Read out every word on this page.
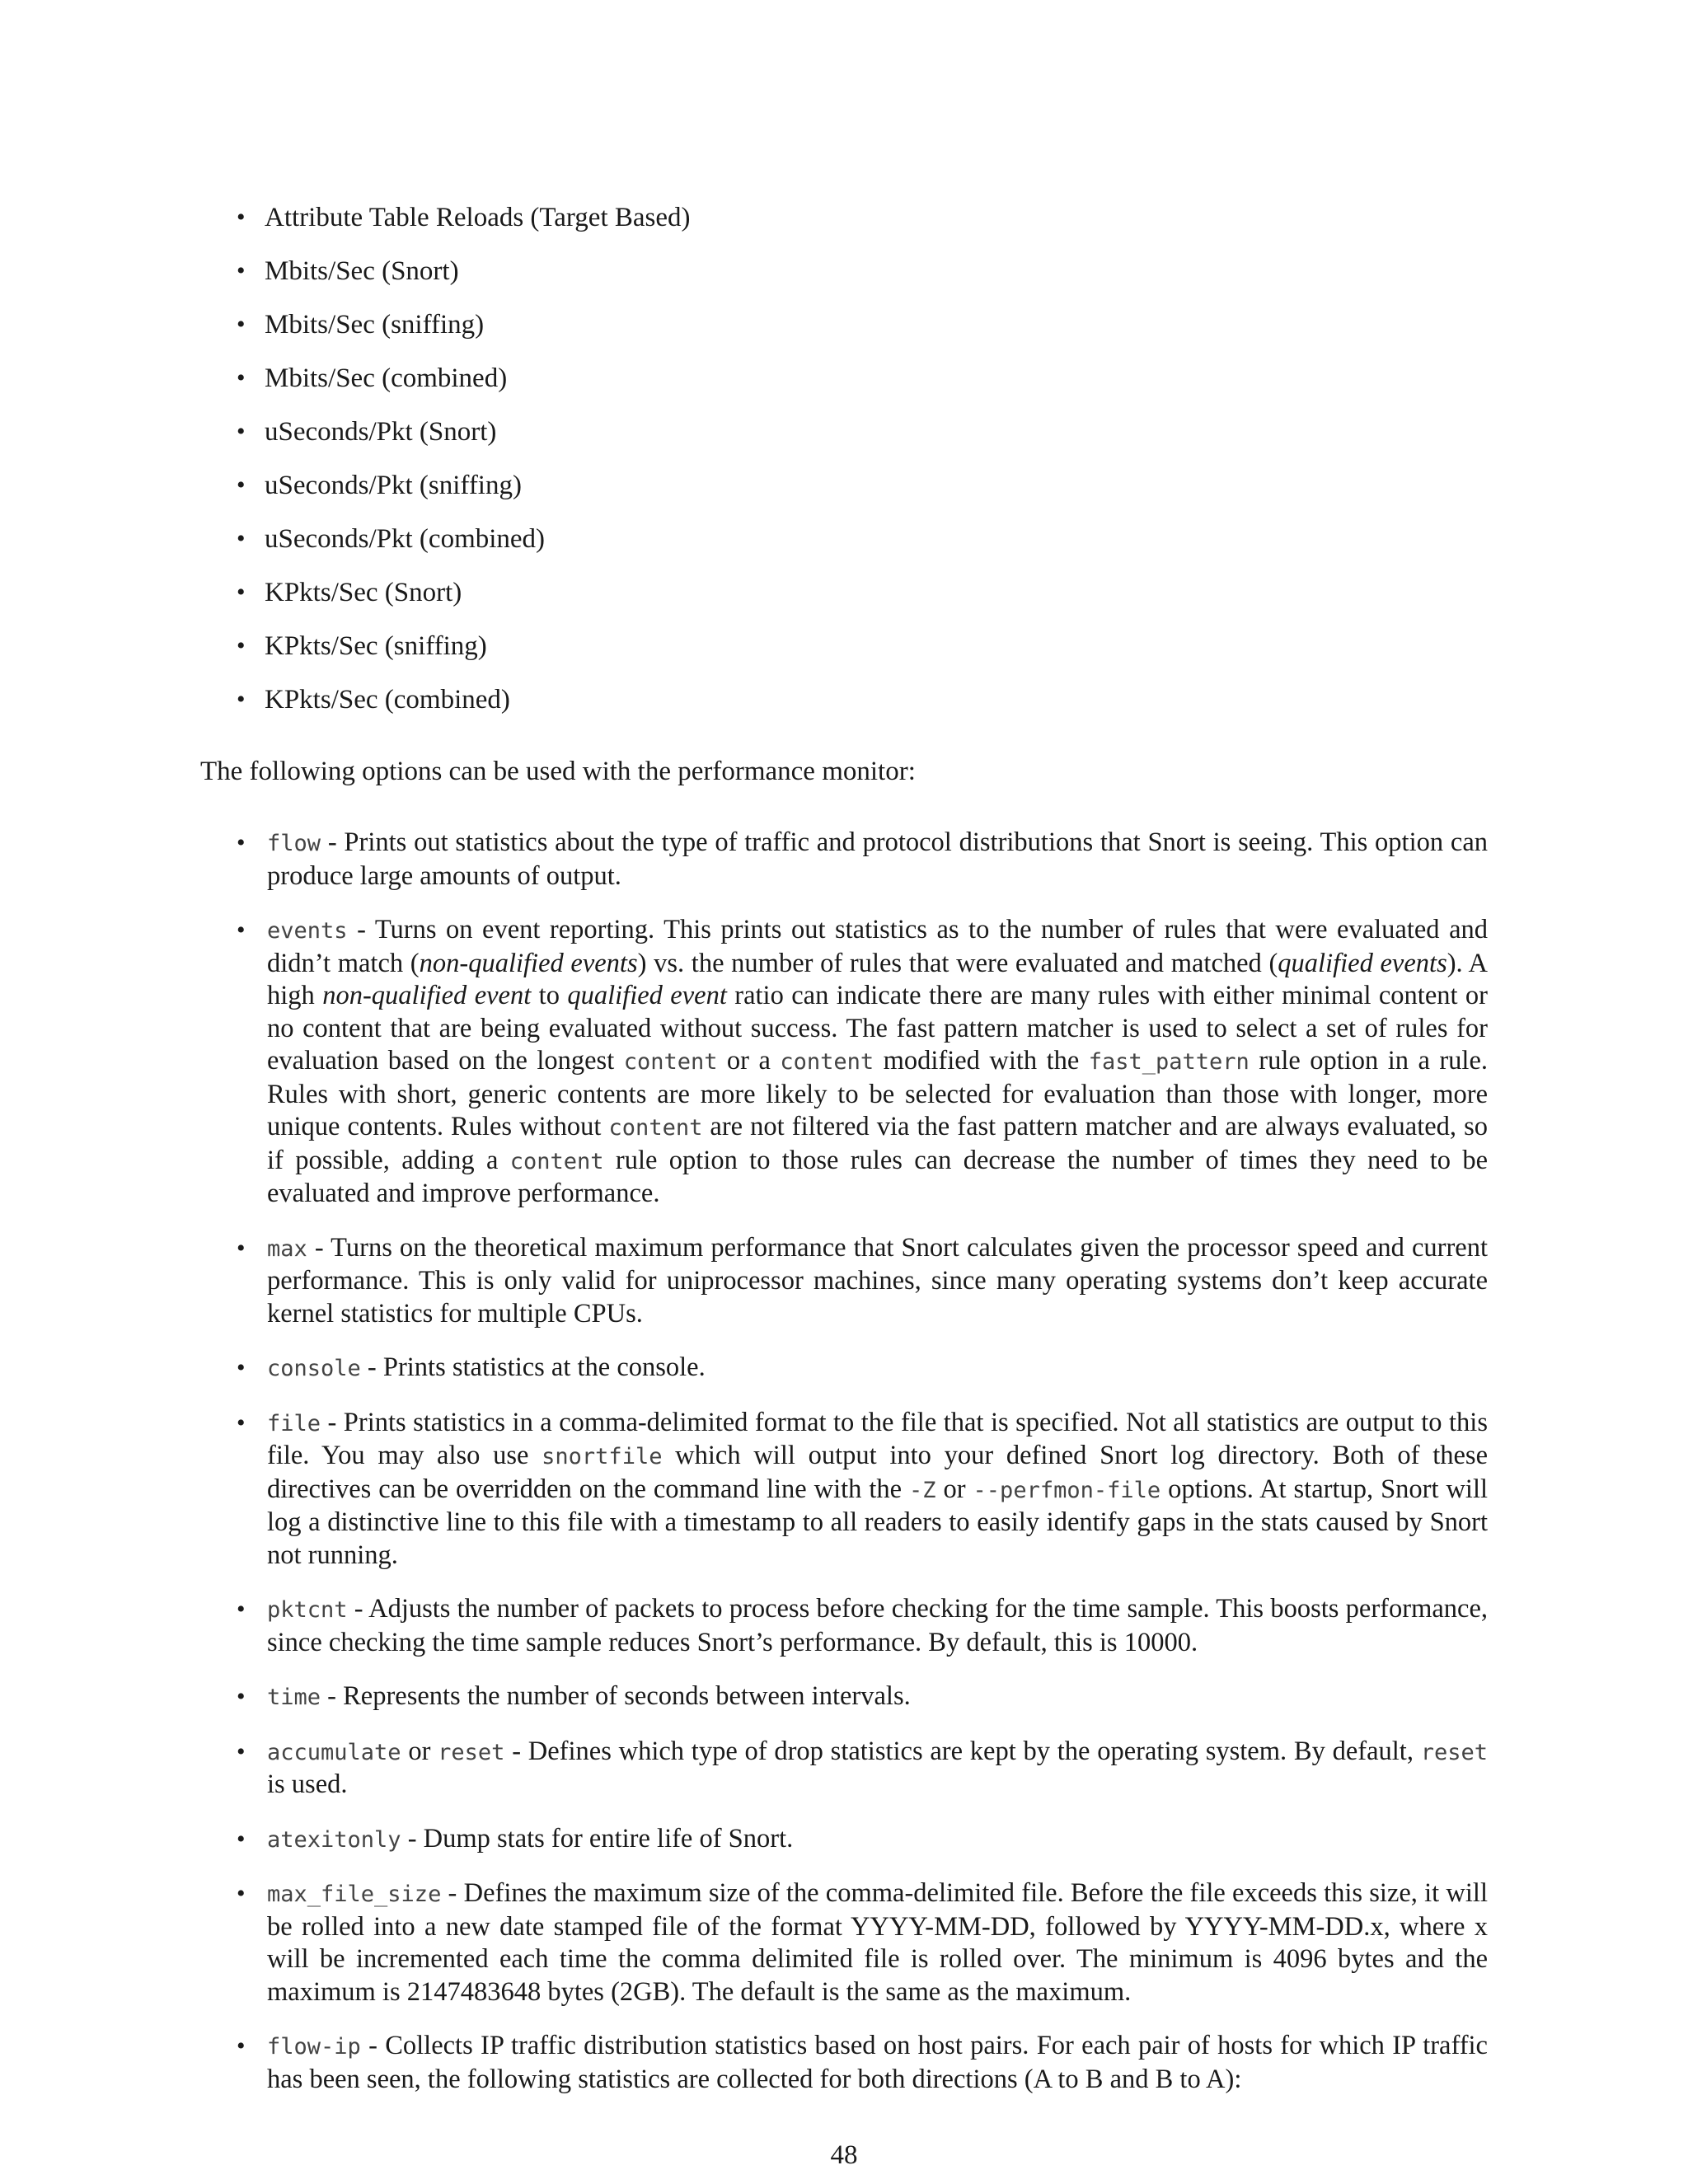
• Attribute Table Reloads (Target Based)
• Mbits/Sec (Snort)
• Mbits/Sec (sniffing)
• Mbits/Sec (combined)
• uSeconds/Pkt (Snort)
• uSeconds/Pkt (sniffing)
• uSeconds/Pkt (combined)
• KPkts/Sec (Snort)
• KPkts/Sec (sniffing)
• KPkts/Sec (combined)

The following options can be used with the performance monitor:

• flow - Prints out statistics about the type of traffic and protocol distributions that Snort is seeing. This option can produce large amounts of output.
• events - Turns on event reporting. This prints out statistics as to the number of rules that were evaluated and didn’t match (non-qualified events) vs. the number of rules that were evaluated and matched (qualified events). A high non-qualified event to qualified event ratio can indicate there are many rules with either minimal content or no content that are being evaluated without success. The fast pattern matcher is used to select a set of rules for evaluation based on the longest content or a content modified with the fast_pattern rule option in a rule. Rules with short, generic contents are more likely to be selected for evaluation than those with longer, more unique contents. Rules without content are not filtered via the fast pattern matcher and are always evaluated, so if possible, adding a content rule option to those rules can decrease the number of times they need to be evaluated and improve performance.
• max - Turns on the theoretical maximum performance that Snort calculates given the processor speed and current performance. This is only valid for uniprocessor machines, since many operating systems don’t keep accurate kernel statistics for multiple CPUs.
• console - Prints statistics at the console.
• file - Prints statistics in a comma-delimited format to the file that is specified. Not all statistics are output to this file. You may also use snortfile which will output into your defined Snort log directory. Both of these directives can be overridden on the command line with the -Z or --perfmon-file options. At startup, Snort will log a distinctive line to this file with a timestamp to all readers to easily identify gaps in the stats caused by Snort not running.
• pktcnt - Adjusts the number of packets to process before checking for the time sample. This boosts performance, since checking the time sample reduces Snort’s performance. By default, this is 10000.
• time - Represents the number of seconds between intervals.
• accumulate or reset - Defines which type of drop statistics are kept by the operating system. By default, reset is used.
• atexitonly - Dump stats for entire life of Snort.
• max_file_size - Defines the maximum size of the comma-delimited file. Before the file exceeds this size, it will be rolled into a new date stamped file of the format YYYY-MM-DD, followed by YYYY-MM-DD.x, where x will be incremented each time the comma delimited file is rolled over. The minimum is 4096 bytes and the maximum is 2147483648 bytes (2GB). The default is the same as the maximum.
• flow-ip - Collects IP traffic distribution statistics based on host pairs. For each pair of hosts for which IP traffic has been seen, the following statistics are collected for both directions (A to B and B to A):
48
